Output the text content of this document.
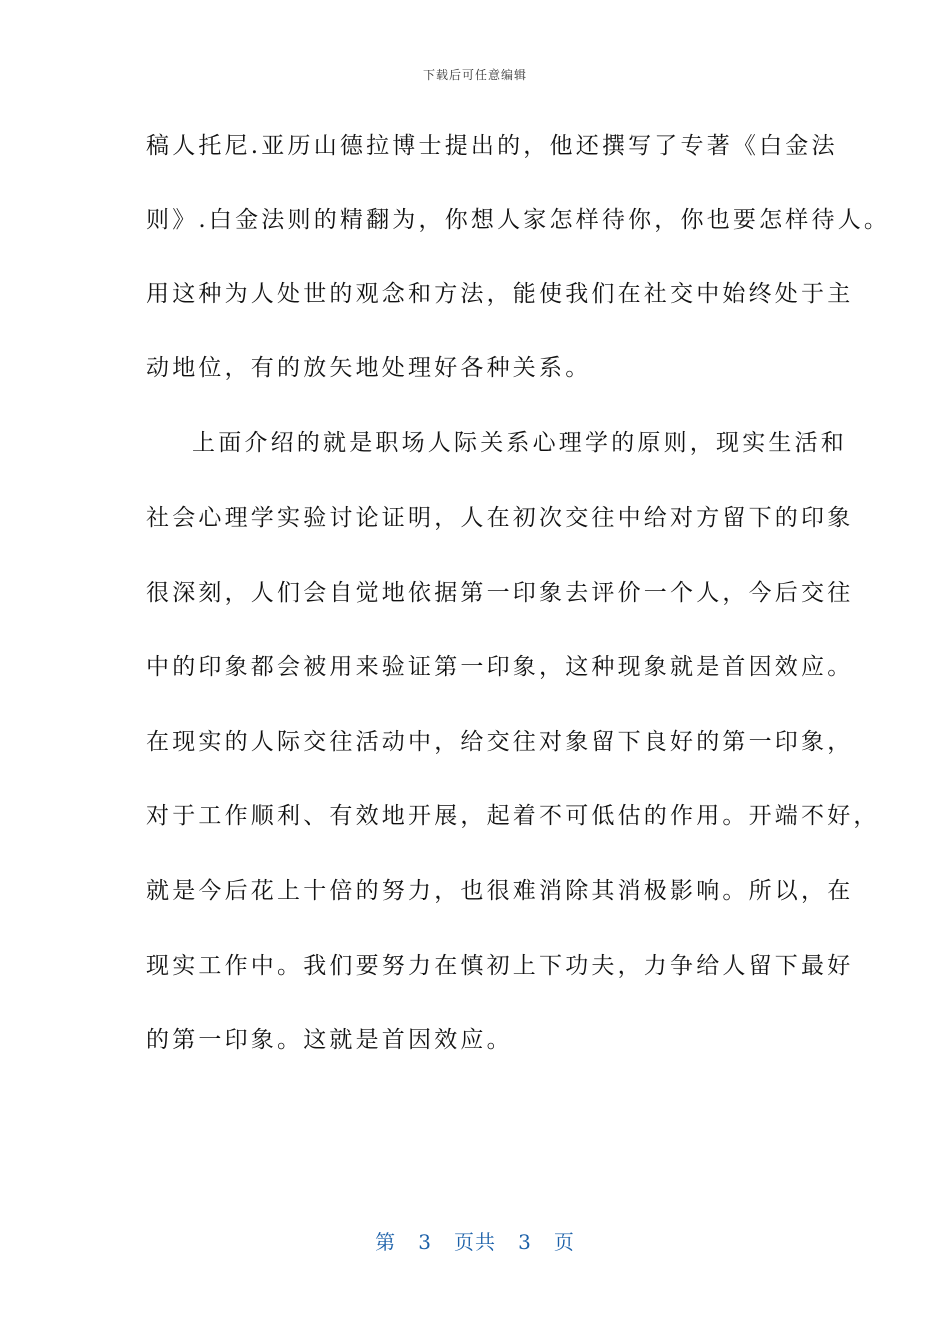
下载后可任意编辑
稿人托尼.亚历山德拉博士提出的，他还撰写了专著《白金法
则》.白金法则的精翻为，你想人家怎样待你，你也要怎样待人。
用这种为人处世的观念和方法，能使我们在社交中始终处于主
动地位，有的放矢地处理好各种关系。
上面介绍的就是职场人际关系心理学的原则，现实生活和
社会心理学实验讨论证明，人在初次交往中给对方留下的印象
很深刻，人们会自觉地依据第一印象去评价一个人，今后交往
中的印象都会被用来验证第一印象，这种现象就是首因效应。
在现实的人际交往活动中，给交往对象留下良好的第一印象，
对于工作顺利、有效地开展，起着不可低估的作用。开端不好，
就是今后花上十倍的努力，也很难消除其消极影响。所以，在
现实工作中。我们要努力在慎初上下功夫，力争给人留下最好
的第一印象。这就是首因效应。
第 3 页共 3 页
